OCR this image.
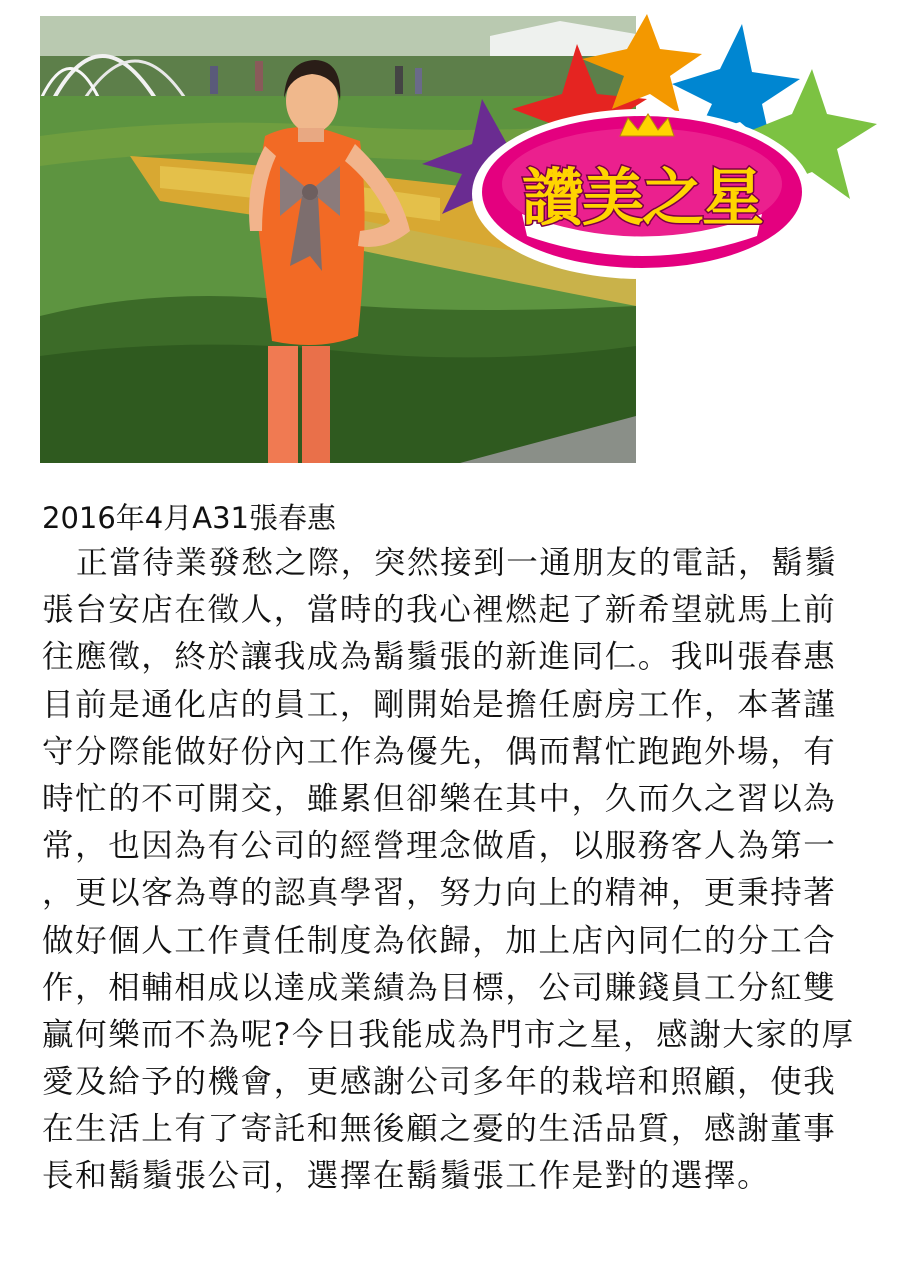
讚美之星
2016年4月A31張春惠
正當待業發愁之際，突然接到一通朋友的電話，鬍鬚
張台安店在徵人，當時的我心裡燃起了新希望就馬上前
往應徵，終於讓我成為鬍鬚張的新進同仁。我叫張春惠
目前是通化店的員工，剛開始是擔任廚房工作，本著謹
守分際能做好份內工作為優先，偶而幫忙跑跑外場，有
時忙的不可開交，雖累但卻樂在其中，久而久之習以為
常，也因為有公司的經營理念做盾，以服務客人為第一
，更以客為尊的認真學習，努力向上的精神，更秉持著
做好個人工作責任制度為依歸，加上店內同仁的分工合
作，相輔相成以達成業績為目標，公司賺錢員工分紅雙
贏何樂而不為呢?今日我能成為門市之星，感謝大家的厚
愛及給予的機會，更感謝公司多年的栽培和照顧，使我
在生活上有了寄託和無後顧之憂的生活品質，感謝董事
長和鬍鬚張公司，選擇在鬍鬚張工作是對的選擇。
